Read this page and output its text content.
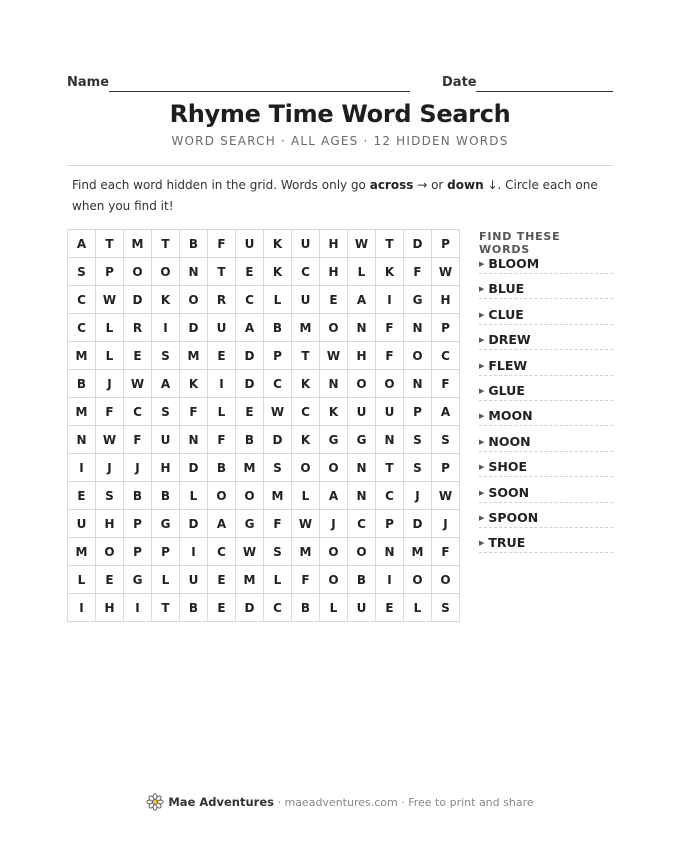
Name	Date
Rhyme Time Word Search
WORD SEARCH · ALL AGES · 12 HIDDEN WORDS
Find each word hidden in the grid. Words only go across → or down ↓. Circle each one when you find it!
A	T	M	T	B	F	U	K	U	H	W	T	D	P
S	P	O	O	N	T	E	K	C	H	L	K	F	W
C	W	D	K	O	R	C	L	U	E	A	I	G	H
C	L	R	I	D	U	A	B	M	O	N	F	N	P
M	L	E	S	M	E	D	P	T	W	H	F	O	C
B	J	W	A	K	I	D	C	K	N	O	O	N	F
M	F	C	S	F	L	E	W	C	K	U	U	P	A
N	W	F	U	N	F	B	D	K	G	G	N	S	S
I	J	J	H	D	B	M	S	O	O	N	T	S	P
E	S	B	B	L	O	O	M	L	A	N	C	J	W
U	H	P	G	D	A	G	F	W	J	C	P	D	J
M	O	P	P	I	C	W	S	M	O	O	N	M	F
L	E	G	L	U	E	M	L	F	O	B	I	O	O
I	H	I	T	B	E	D	C	B	L	U	E	L	S
FIND THESE WORDS
▶ BLOOM
▶ BLUE
▶ CLUE
▶ DREW
▶ FLEW
▶ GLUE
▶ MOON
▶ NOON
▶ SHOE
▶ SOON
▶ SPOON
▶ TRUE
Mae Adventures · maeadventures.com · Free to print and share
